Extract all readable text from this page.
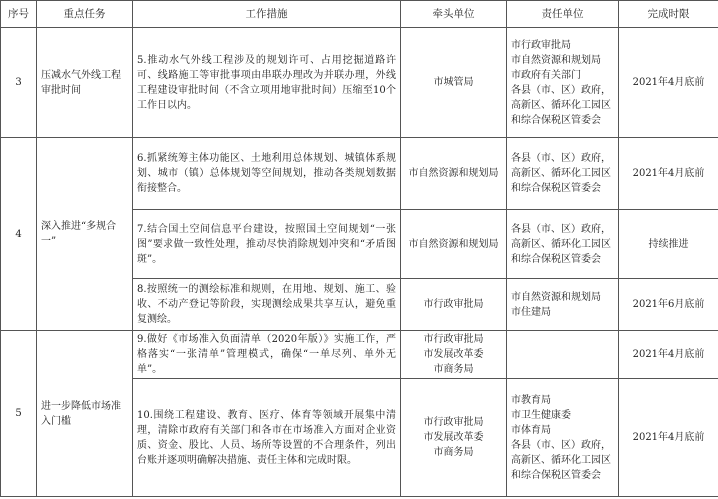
序号	重点任务	工作措施	牵头单位	责任单位	完成时限
3	压减水气外线工程审批时间	5.推动水气外线工程涉及的规划许可、占用挖掘道路许可、线路施工等审批事项由串联办理改为并联办理，外线工程建设审批时间（不含立项用地审批时间）压缩至10个工作日以内。	市城管局	市行政审批局
市自然资源和规划局
市政府有关部门
各县（市、区）政府，高新区、循环化工园区和综合保税区管委会	2021年4月底前
4	深入推进“多规合一”	6.抓紧统筹主体功能区、土地利用总体规划、城镇体系规划、城市（镇）总体规划等空间规划，推动各类规划数据衔接整合。	市自然资源和规划局	各县（市、区）政府，高新区、循环化工园区和综合保税区管委会	2021年4月底前
		7.结合国土空间信息平台建设，按照国土空间规划“一张图”要求做一致性处理，推动尽快消除规划冲突和“矛盾图斑”。	市自然资源和规划局	各县（市、区）政府，高新区、循环化工园区和综合保税区管委会	持续推进
		8.按照统一的测绘标准和规则，在用地、规划、施工、验收、不动产登记等阶段，实现测绘成果共享互认，避免重复测绘。	市行政审批局	市自然资源和规划局
市住建局	2021年6月底前
5	进一步降低市场准入门槛	9.做好《市场准入负面清单（2020年版）》实施工作，严格落实“一张清单”管理模式，确保“一单尽列、单外无单”。	市行政审批局
市发展改革委
市商务局		2021年4月底前
		10.围绕工程建设、教育、医疗、体育等领域开展集中清理，清除市政府有关部门和各市在市场准入方面对企业资质、资金、股比、人员、场所等设置的不合理条件，列出台账并逐项明确解决措施、责任主体和完成时限。	市行政审批局
市发展改革委
市商务局	市教育局
市卫生健康委
市体育局
各县（市、区）政府，高新区、循环化工园区和综合保税区管委会	2021年4月底前
